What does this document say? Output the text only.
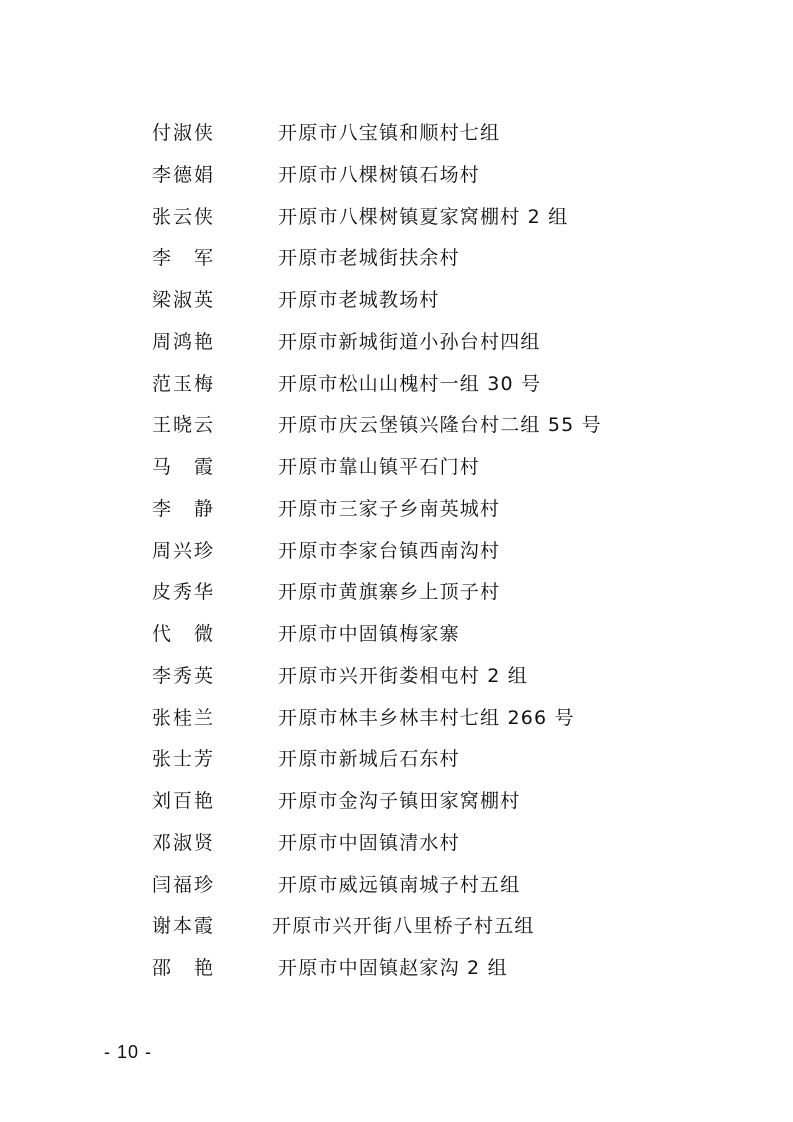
付淑侠	开原市八宝镇和顺村七组
李德娟	开原市八棵树镇石场村
张云侠	开原市八棵树镇夏家窝棚村 2 组
李　军	开原市老城街扶余村
梁淑英	开原市老城教场村
周鸿艳	开原市新城街道小孙台村四组
范玉梅	开原市松山山槐村一组 30 号
王晓云	开原市庆云堡镇兴隆台村二组 55 号
马　霞	开原市靠山镇平石门村
李　静	开原市三家子乡南英城村
周兴珍	开原市李家台镇西南沟村
皮秀华	开原市黄旗寨乡上顶子村
代　微	开原市中固镇梅家寨
李秀英	开原市兴开街娄相屯村 2 组
张桂兰	开原市林丰乡林丰村七组 266 号
张士芳	开原市新城后石东村
刘百艳	开原市金沟子镇田家窝棚村
邓淑贤	开原市中固镇清水村
闫福珍	开原市威远镇南城子村五组
谢本霞	开原市兴开街八里桥子村五组
邵　艳	开原市中固镇赵家沟 2 组
- 10 -
